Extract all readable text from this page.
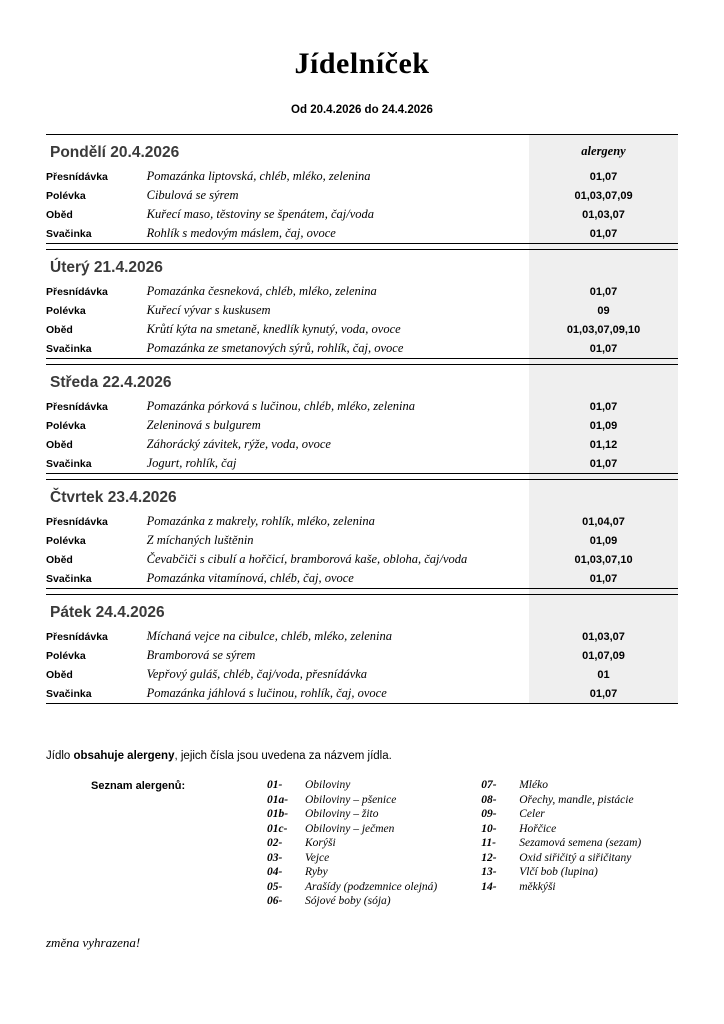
Jídelníček

Od 20.4.2026 do 24.4.2026

Pondělí 20.4.2026		alergeny
Přesnídávka	Pomazánka liptovská, chléb, mléko, zelenina	01,07
Polévka	Cibulová se sýrem	01,03,07,09
Oběd	Kuřecí maso, těstoviny se špenátem, čaj/voda	01,03,07
Svačinka	Rohlík s medovým máslem, čaj, ovoce	01,07

Úterý 21.4.2026		
Přesnídávka	Pomazánka česneková, chléb, mléko, zelenina	01,07
Polévka	Kuřecí vývar s kuskusem	09
Oběd	Krůtí kýta na smetaně, knedlík kynutý, voda, ovoce	01,03,07,09,10
Svačinka	Pomazánka ze smetanových sýrů, rohlík, čaj, ovoce	01,07

Středa 22.4.2026		
Přesnídávka	Pomazánka pórková s lučinou, chléb, mléko, zelenina	01,07
Polévka	Zeleninová s bulgurem	01,09
Oběd	Záhorácký závitek, rýže, voda, ovoce	01,12
Svačinka	Jogurt, rohlík, čaj	01,07

Čtvrtek 23.4.2026		
Přesnídávka	Pomazánka z makrely, rohlík, mléko, zelenina	01,04,07
Polévka	Z míchaných luštěnin	01,09
Oběd	Čevabčiči s cibulí a hořčicí, bramborová kaše, obloha, čaj/voda	01,03,07,10
Svačinka	Pomazánka vitamínová, chléb, čaj, ovoce	01,07

Pátek 24.4.2026		
Přesnídávka	Míchaná vejce na cibulce, chléb, mléko, zelenina	01,03,07
Polévka	Bramborová se sýrem	01,07,09
Oběd	Vepřový guláš, chléb, čaj/voda, přesnídávka	01
Svačinka	Pomazánka jáhlová s lučinou, rohlík, čaj, ovoce	01,07

Jídlo obsahuje alergeny, jejich čísla jsou uvedena za názvem jídla.

Seznam alergenů:	01-	Obiloviny
01a-	Obiloviny – pšenice
01b-	Obiloviny – žito
01c-	Obiloviny – ječmen
02-	Korýši
03-	Vejce
04-	Ryby
05-	Arašídy (podzemnice olejná)
06-	Sójové boby (sója)
07-	Mléko
08-	Ořechy, mandle, pistácie
09-	Celer
10-	Hořčice
11-	Sezamová semena (sezam)
12-	Oxid siřičitý a siřičitany
13-	Vlčí bob (lupina)
14-	měkkýši

změna vyhrazena!
